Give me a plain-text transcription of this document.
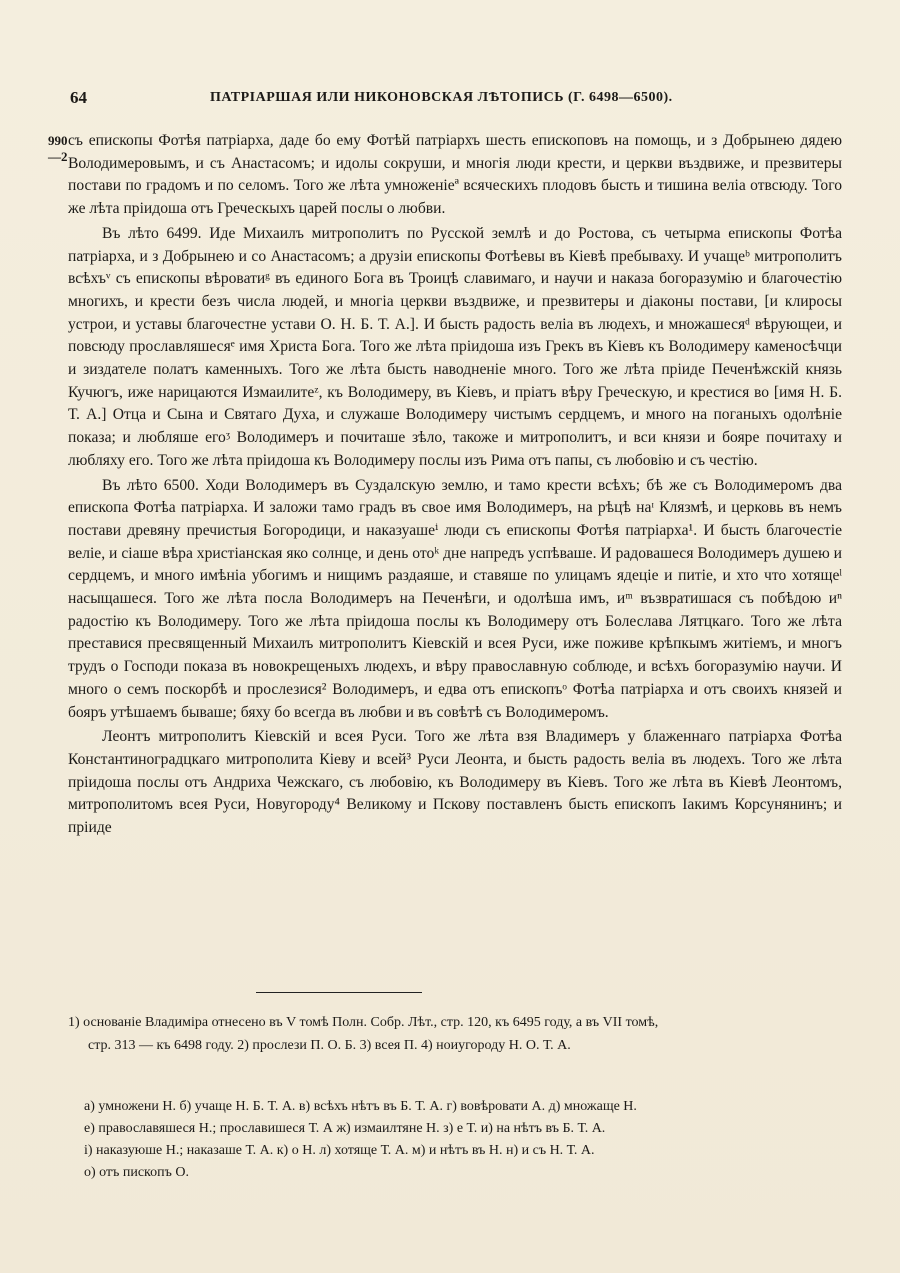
64	ПАТРІАРШАЯ ИЛИ НИКОНОВСКАЯ ЛѢТОПИСЬ (Г. 6498—6500).
990
—2

съ епископы Фотѣя патріарха, даде бо ему Фотѣй патріархъ шесть епископовъ на помощь, и з Добрынею дядею Володимеровымъ, и съ Анастасомъ; и идолы сокруши, и многія люди крести, и церкви въздвиже, и презвитеры постави по градомъ и по селомъ. Того же лѣта умноженіеª всяческихъ плодовъ бысть и тишина веліа отвсюду. Того же лѣта пріидоша отъ Греческыхъ царей послы о любви.

Въ лѣто 6499. Иде Михаилъ митрополитъ по Русской землѣ и до Ростова, съ четырма епископы Фотѣа патріарха, и з Добрынею и со Анастасомъ; а друзіи епископы Фотѣевы въ Кіевѣ пребываху. И учащеᵇ митрополитъ всѣхъᵛ съ епископы вѣроватиᵍ въ единого Бога въ Троицѣ славимаго, и научи и наказа богоразумію и благочестію многихъ, и крести безъ числа людей, и многіа церкви въздвиже, и презвитеры и діаконы постави, [и клиросы устрои, и уставы благочестне устави О. Н. Б. Т. А.]. И бысть радость веліа въ людехъ, и множашесяᵈ вѣрующеи, и повсюду прославляшесяᵉ имя Христа Бога. Того же лѣта пріидоша изъ Грекъ въ Кіевъ къ Володимеру каменосѣчци и зиздателе полатъ каменныхъ. Того же лѣта бысть наводненіе много. Того же лѣта пріиде Печенѣжскій князь Кучюгъ, иже нарицаются Измаилитеᶻ, къ Володимеру, въ Кіевъ, и пріатъ вѣру Греческую, и крестися во [имя Н. Б. Т. А.] Отца и Сына и Святаго Духа, и служаше Володимеру чистымъ сердцемъ, и много на поганыхъ одолѣніе показа; и любляше егоᶾ Володимеръ и почиташе зѣло, такоже и митрополитъ, и вси князи и бояре почитаху и любляху его. Того же лѣта пріидоша къ Володимеру послы изъ Рима отъ папы, съ любовію и съ честію.

Въ лѣто 6500. Ходи Володимеръ въ Суздалскую землю, и тамо крести всѣхъ; бѣ же съ Володимеромъ два епископа Фотѣа патріарха. И заложи тамо градъ въ свое имя Володимеръ, на рѣцѣ наᶦ Клязмѣ, и церковь въ немъ постави древяну пречистыя Богородици, и наказуашеⁱ люди съ епископы Фотѣя патріарха¹. И бысть благочестіе веліе, и сіаше вѣра христіанская яко солнце, и день отоᵏ дне напредъ успѣваше. И радовашеся Володимеръ душею и сердцемъ, и много имѣніа убогимъ и нищимъ раздаяше, и ставяше по улицамъ ядеціе и питіе, и хто что хотящеˡ насыщашеся. Того же лѣта посла Володимеръ на Печенѣги, и одолѣша имъ, иᵐ възвратишася съ побѣдою иⁿ радостію къ Володимеру. Того же лѣта пріидоша послы къ Володимеру отъ Болеслава Лятцкаго. Того же лѣта преставися пресвященный Михаилъ митрополитъ Кіевскій и всея Руси, иже поживе крѣпкымъ житіемъ, и многъ трудъ о Господи показа въ новокрещеныхъ людехъ, и вѣру православную соблюде, и всѣхъ богоразумію научи. И много о семъ поскорбѣ и прослезися² Володимеръ, и едва отъ епископъᵒ Фотѣа патріарха и отъ своихъ князей и бояръ утѣшаемъ бываше; бяху бо всегда въ любви и въ совѣтѣ съ Володимеромъ.

Леонтъ митрополитъ Кіевскій и всея Руси. Того же лѣта взя Владимеръ у блаженнаго патріарха Фотѣа Константиноградцкаго митрополита Кіеву и всей³ Руси Леонта, и бысть радость веліа въ людехъ. Того же лѣта пріидоша послы отъ Андриха Чежскаго, съ любовію, къ Володимеру въ Кіевъ. Того же лѣта въ Кіевѣ Леонтомъ, митрополитомъ всея Руси, Новугороду⁴ Великому и Пскову поставленъ бысть епископъ Іакимъ Корсунянинъ; и пріиде

1) основаніе Владиміра отнесено въ V томѣ Полн. Собр. Лѣт., стр. 120, къ 6495 году, а въ VII томѣ,
стр. 313 — къ 6498 году. 2) прослези П. О. Б. 3) всея П. 4) ноиугороду Н. О. Т. А.
а) умножени Н. б) учаще Н. Б. Т. А. в) всѣхъ нѣтъ въ Б. Т. А. г) вовѣровати А. д) множаще Н.
е) православяшеся Н.; прославишеся Т. А ж) измаилтяне Н. з) е Т. и) на нѣтъ въ Б. Т. А.
і) наказуюше Н.; наказаше Т. А. к) о Н. л) хотяще Т. А. м) и нѣтъ въ Н. н) и съ Н. Т. А.
о) отъ пископъ О.
